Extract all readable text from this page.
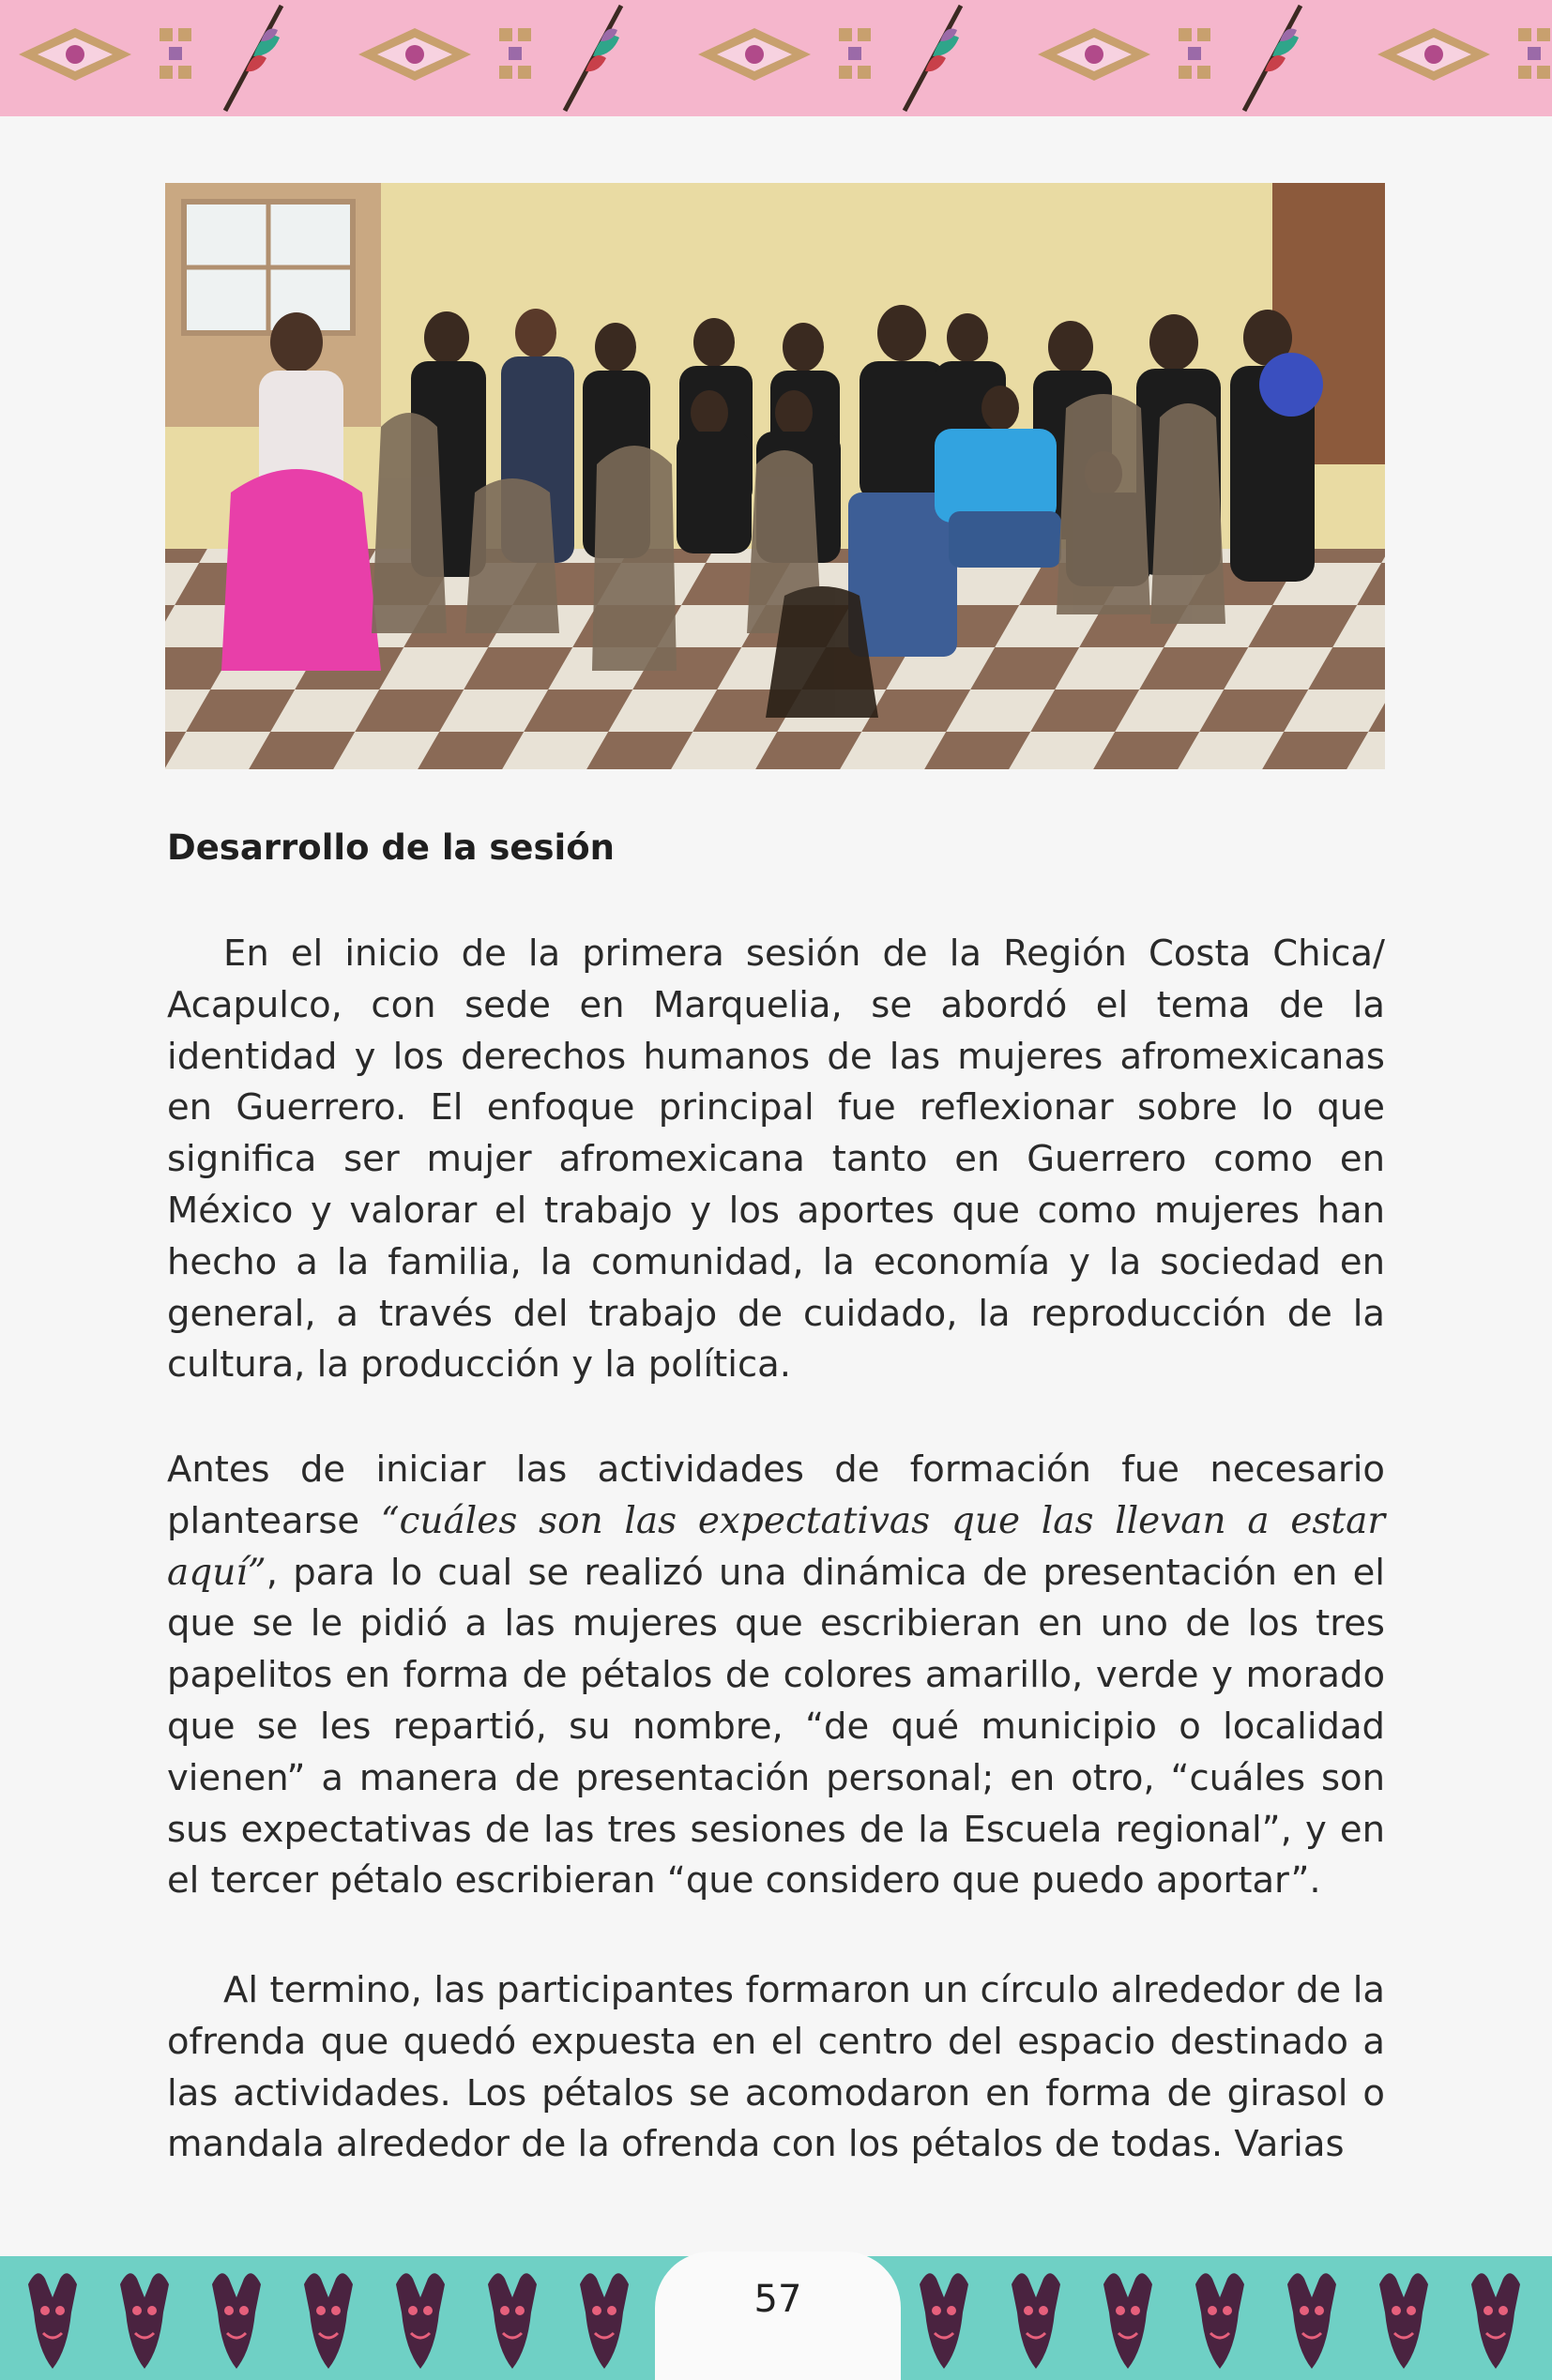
Desarrollo de la sesión

En el inicio de la primera sesión de la Región Costa Chica/ Acapulco, con sede en Marquelia, se abordó el tema de la identidad y los derechos humanos de las mujeres afromexicanas en Guerrero. El enfoque principal fue reflexionar sobre lo que significa ser mujer afromexicana tanto en Guerrero como en México y valorar el trabajo y los aportes que como mujeres han hecho a la familia, la comunidad, la economía y la sociedad en general, a través del trabajo de cuidado, la reproducción de la cultura, la producción y la política.

Antes de iniciar las actividades de formación fue necesario plantearse “cuáles son las expectativas que las llevan a estar aquí”, para lo cual se realizó una dinámica de presentación en el que se le pidió a las mujeres que escribieran en uno de los tres papelitos en forma de pétalos de colores amarillo, verde y morado que se les repartió, su nombre, “de qué municipio o localidad vienen” a manera de presentación personal; en otro, “cuáles son sus expectativas de las tres sesiones de la Escuela regional”, y en el tercer pétalo escribieran “que considero que puedo aportar”.

Al termino, las participantes formaron un círculo alrededor de la ofrenda que quedó expuesta en el centro del espacio destinado a las actividades. Los pétalos se acomodaron en forma de girasol o mandala alrededor de la ofrenda con los pétalos de todas. Varias

57
